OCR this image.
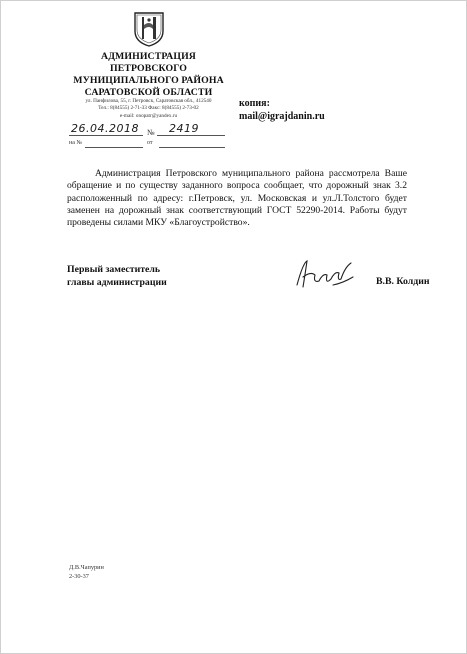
АДМИНИСТРАЦИЯ
ПЕТРОВСКОГО
МУНИЦИПАЛЬНОГО РАЙОНА
САРАТОВСКОЙ ОБЛАСТИ
ул. Панфилова, 55, г. Петровск, Саратовская обл., 412540
Тел.: 8(84555) 2-71-33 Факс: 8(84555) 2-73-02
e-mail: onopatr@yandex.ru
копия:
mail@igrajdanin.ru
26.04.2018 № 2419
на №	от
Администрация Петровского муниципального района рассмотрела Ваше обращение и по существу заданного вопроса сообщает, что дорожный знак 3.2 расположенный по адресу: г.Петровск, ул. Московская и ул.Л.Толстого будет заменен на дорожный знак соответствующий ГОСТ 52290-2014. Работы будут проведены силами МКУ «Благоустройство».
Первый заместитель
главы администрации	В.В. Колдин
Д.В.Чапурин
2-30-37
